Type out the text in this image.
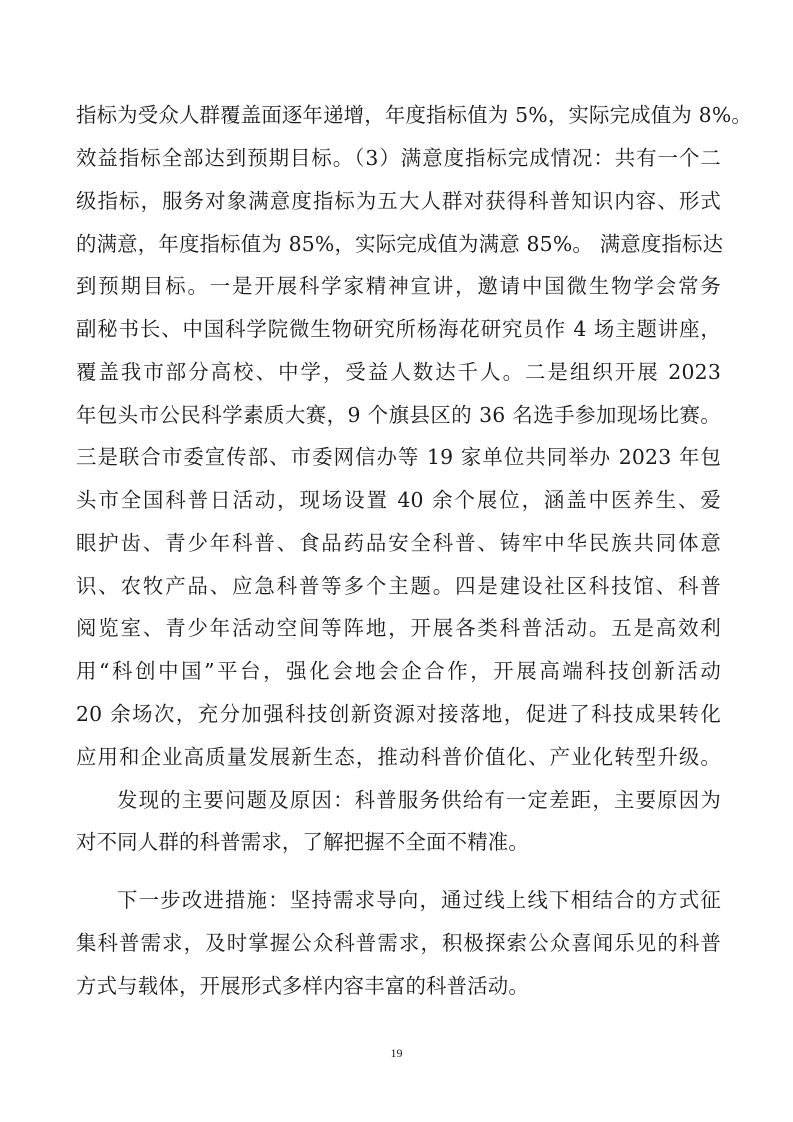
指标为受众人群覆盖面逐年递增，年度指标值为 5%，实际完成值为 8%。
效益指标全部达到预期目标。（3）满意度指标完成情况：共有一个二
级指标，服务对象满意度指标为五大人群对获得科普知识内容、形式
的满意，年度指标值为 85%，实际完成值为满意 85%。 满意度指标达
到预期目标。一是开展科学家精神宣讲，邀请中国微生物学会常务
副秘书长、中国科学院微生物研究所杨海花研究员作 4 场主题讲座，
覆盖我市部分高校、中学，受益人数达千人。二是组织开展 2023
年包头市公民科学素质大赛，9 个旗县区的 36 名选手参加现场比赛。
三是联合市委宣传部、市委网信办等 19 家单位共同举办 2023 年包
头市全国科普日活动，现场设置 40 余个展位，涵盖中医养生、爱
眼护齿、青少年科普、食品药品安全科普、铸牢中华民族共同体意
识、农牧产品、应急科普等多个主题。四是建设社区科技馆、科普
阅览室、青少年活动空间等阵地，开展各类科普活动。五是高效利
用“科创中国”平台，强化会地会企合作，开展高端科技创新活动
20 余场次，充分加强科技创新资源对接落地，促进了科技成果转化
应用和企业高质量发展新生态，推动科普价值化、产业化转型升级。
发现的主要问题及原因：科普服务供给有一定差距，主要原因为
对不同人群的科普需求，了解把握不全面不精准。
下一步改进措施：坚持需求导向，通过线上线下相结合的方式征
集科普需求，及时掌握公众科普需求，积极探索公众喜闻乐见的科普
方式与载体，开展形式多样内容丰富的科普活动。
19
